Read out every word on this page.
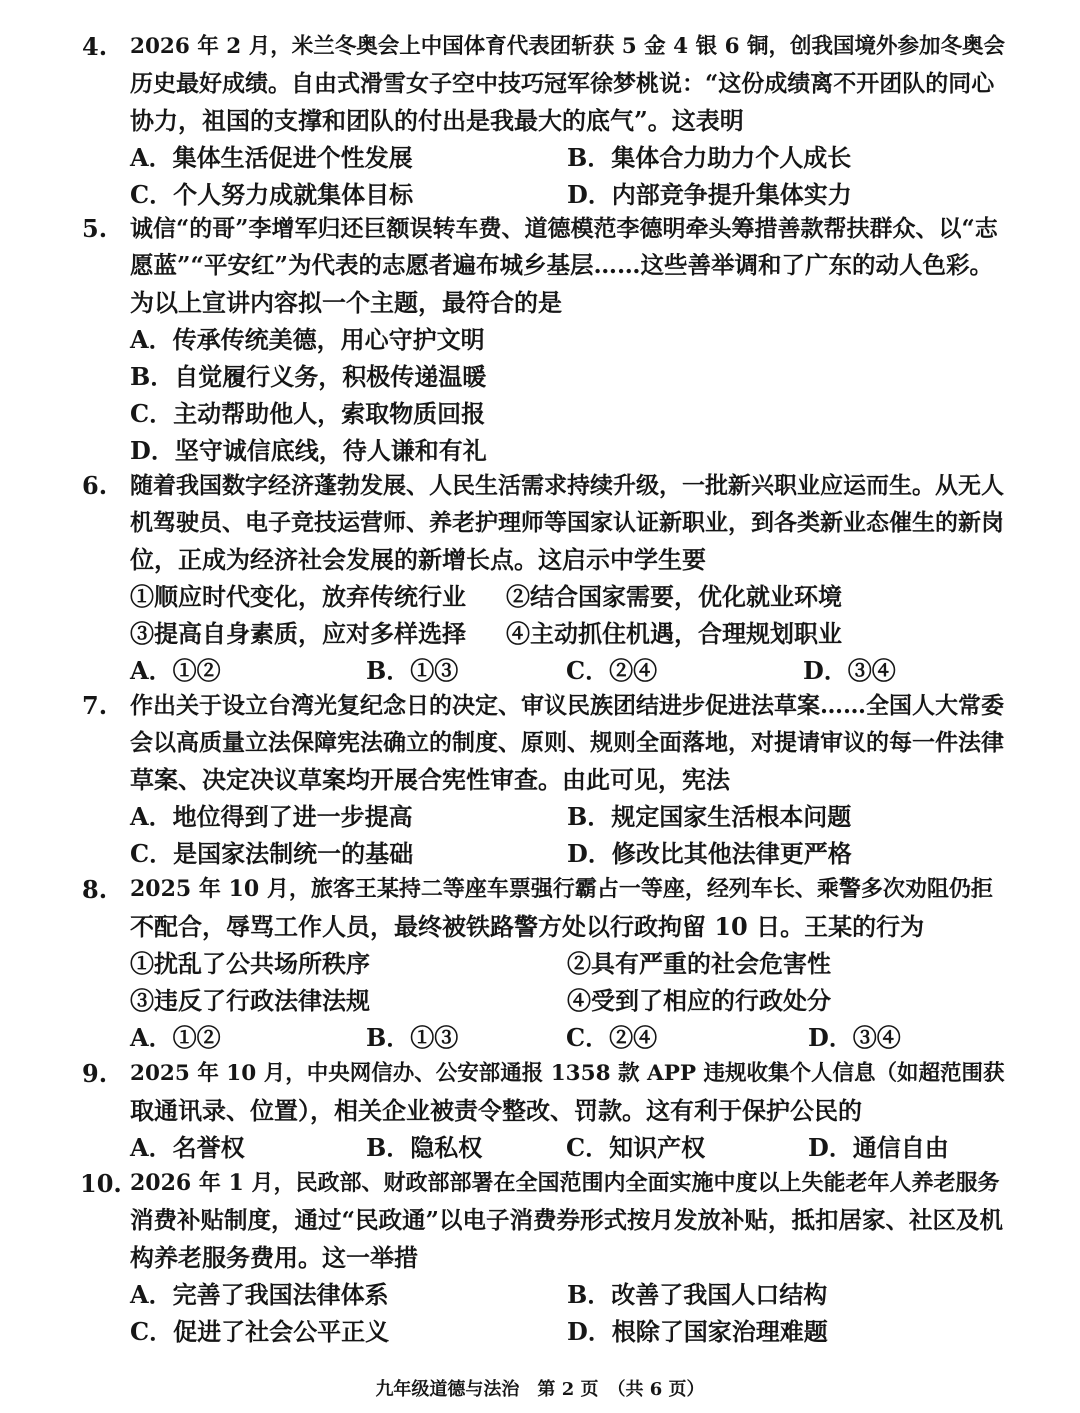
4. 2026 年 2 月，米兰冬奥会上中国体育代表团斩获 5 金 4 银 6 铜，创我国境外参加冬奥会
历史最好成绩。自由式滑雪女子空中技巧冠军徐梦桃说：“这份成绩离不开团队的同心
协力，祖国的支撑和团队的付出是我最大的底气”。这表明
A．集体生活促进个性发展	B．集体合力助力个人成长
C．个人努力成就集体目标	D．内部竞争提升集体实力
5. 诚信“的哥”李增军归还巨额误转车费、道德模范李德明牵头筹措善款帮扶群众、以“志
愿蓝”“平安红”为代表的志愿者遍布城乡基层……这些善举调和了广东的动人色彩。
为以上宣讲内容拟一个主题，最符合的是
A．传承传统美德，用心守护文明
B．自觉履行义务，积极传递温暖
C．主动帮助他人，索取物质回报
D．坚守诚信底线，待人谦和有礼
6. 随着我国数字经济蓬勃发展、人民生活需求持续升级，一批新兴职业应运而生。从无人
机驾驶员、电子竞技运营师、养老护理师等国家认证新职业，到各类新业态催生的新岗
位，正成为经济社会发展的新增长点。这启示中学生要
①顺应时代变化，放弃传统行业 ②结合国家需要，优化就业环境
③提高自身素质，应对多样选择 ④主动抓住机遇，合理规划职业
A．①②	B．①③	C．②④	D．③④
7. 作出关于设立台湾光复纪念日的决定、审议民族团结进步促进法草案……全国人大常委
会以高质量立法保障宪法确立的制度、原则、规则全面落地，对提请审议的每一件法律
草案、决定决议草案均开展合宪性审查。由此可见，宪法
A．地位得到了进一步提高	B．规定国家生活根本问题
C．是国家法制统一的基础	D．修改比其他法律更严格
8. 2025 年 10 月，旅客王某持二等座车票强行霸占一等座，经列车长、乘警多次劝阻仍拒
不配合，辱骂工作人员，最终被铁路警方处以行政拘留 10 日。王某的行为
①扰乱了公共场所秩序	②具有严重的社会危害性
③违反了行政法律法规	④受到了相应的行政处分
A．①②	B．①③	C．②④	D．③④
9. 2025 年 10 月，中央网信办、公安部通报 1358 款 APP 违规收集个人信息（如超范围获
取通讯录、位置），相关企业被责令整改、罚款。这有利于保护公民的
A．名誉权	B．隐私权	C．知识产权	D．通信自由
10. 2026 年 1 月，民政部、财政部部署在全国范围内全面实施中度以上失能老年人养老服务
消费补贴制度，通过“民政通”以电子消费券形式按月发放补贴，抵扣居家、社区及机
构养老服务费用。这一举措
A．完善了我国法律体系	B．改善了我国人口结构
C．促进了社会公平正义	D．根除了国家治理难题
九年级道德与法治　第 2 页　（共 6 页）
